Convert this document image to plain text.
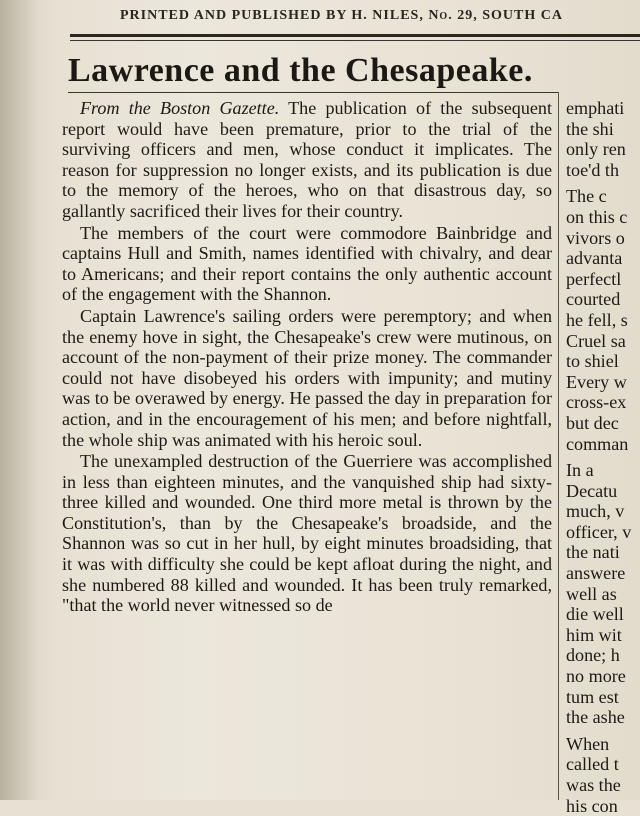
PRINTED AND PUBLISHED BY H. NILES, No. 29, SOUTH CA
Lawrence and the Chesapeake.

From the Boston Gazette. The publication of the subsequent report would have been premature, prior to the trial of the surviving officers and men, whose conduct it implicates. The reason for suppression no longer exists, and its publication is due to the memory of the heroes, who on that disastrous day, so gallantly sacrificed their lives for their country.

The members of the court were commodore Bainbridge and captains Hull and Smith, names identified with chivalry, and dear to Americans; and their report contains the only authentic account of the engagement with the Shannon.

Captain Lawrence's sailing orders were peremptory; and when the enemy hove in sight, the Chesapeake's crew were mutinous, on account of the non-payment of their prize money. The commander could not have disobeyed his orders with impunity; and mutiny was to be overawed by energy. He passed the day in preparation for action, and in the encouragement of his men; and before nightfall, the whole ship was animated with his heroic soul.

The unexampled destruction of the Guerriere was accomplished in less than eighteen minutes, and the vanquished ship had sixty-three killed and wounded. One third more metal is thrown by the Constitution's, than by the Chesapeake's broadside, and the Shannon was so cut in her hull, by eight minutes broadsiding, that it was with difficulty she could be kept afloat during the night, and she numbered 88 killed and wounded. It has been truly remarked, "that the world never witnessed so de

emphati
the shi
only ren
toe'd th
The c
on this c
vivors o
advanta
perfectl
courted
he fell, s
Cruel sa
to shiel
Every w
cross-ex
but dec
comman
In a
Decatu
much, v
officer, v
the nati
answere
well as
die well
him wit
done; h
no more
tum est
the ashe
When
called t
was the
his con
